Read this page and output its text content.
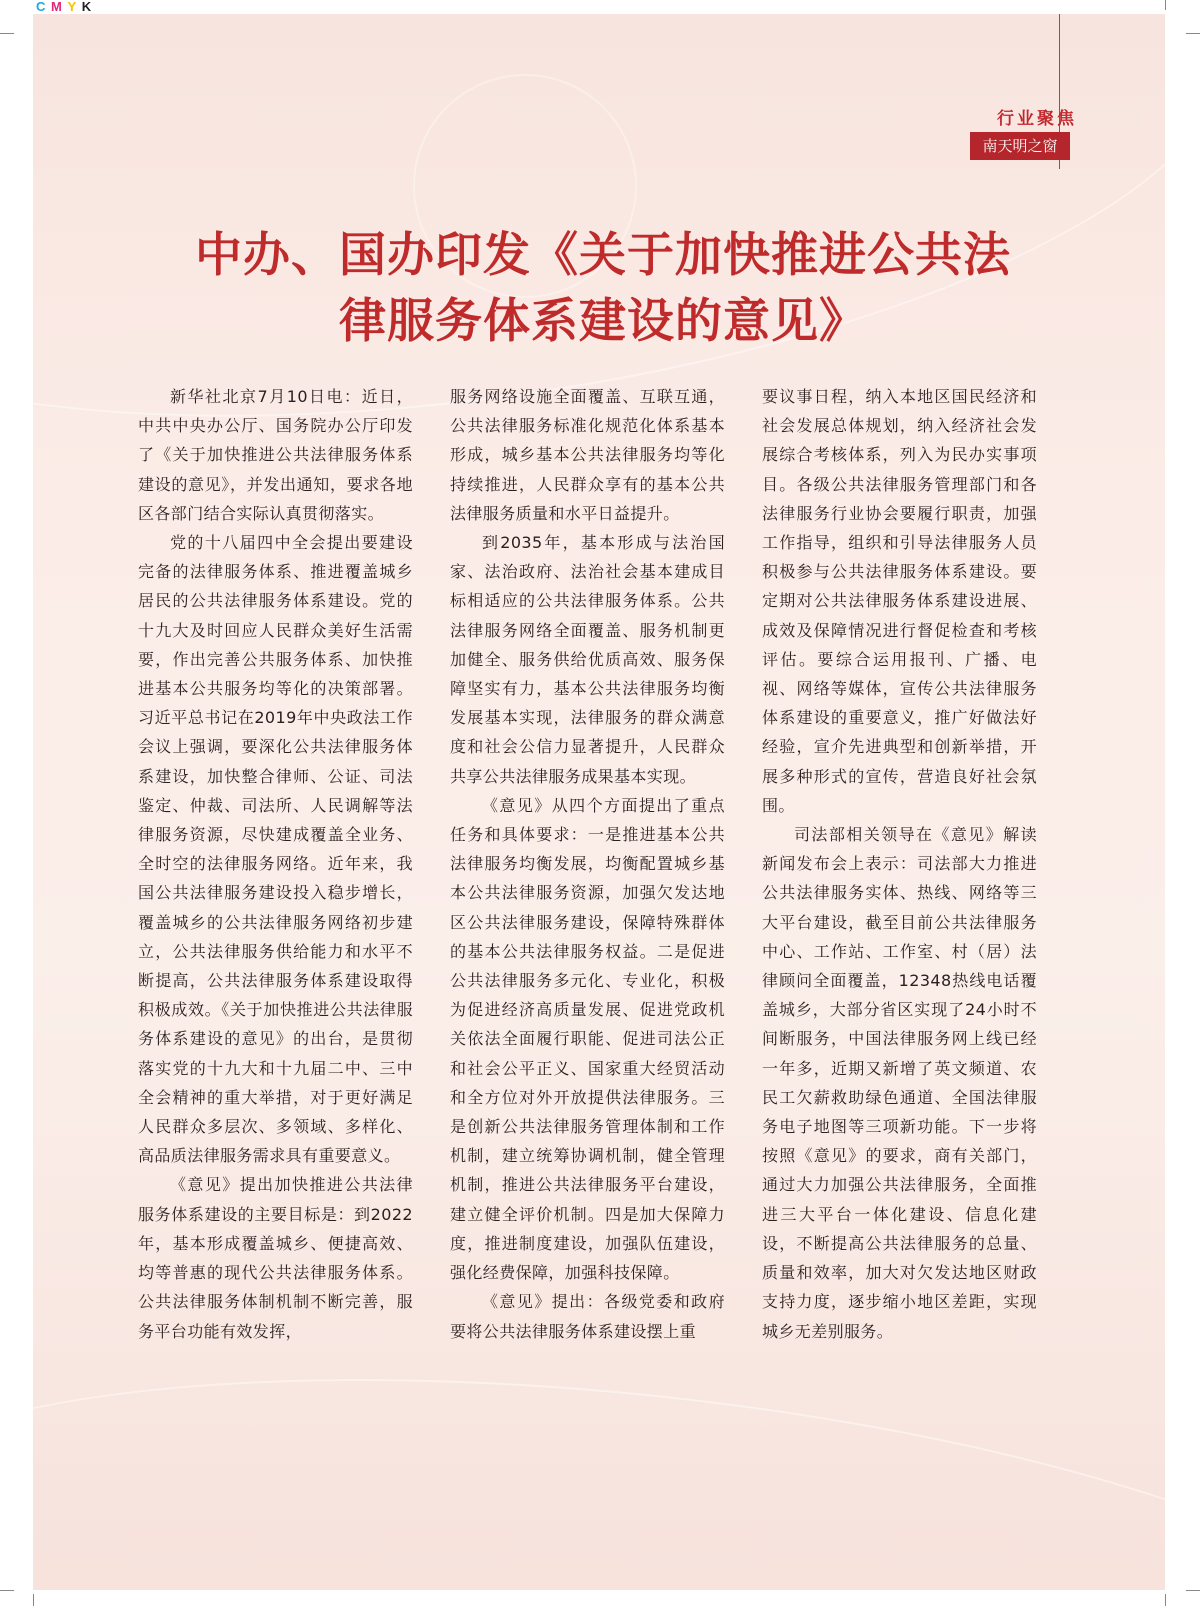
C M Y K
行业聚焦
南天明之窗
中办、国办印发《关于加快推进公共法
律服务体系建设的意见》

新华社北京7月10日电：近日，中共中央办公厅、国务院办公厅印发了《关于加快推进公共法律服务体系建设的意见》，并发出通知，要求各地区各部门结合实际认真贯彻落实。

党的十八届四中全会提出要建设完备的法律服务体系、推进覆盖城乡居民的公共法律服务体系建设。党的十九大及时回应人民群众美好生活需要，作出完善公共服务体系、加快推进基本公共服务均等化的决策部署。习近平总书记在2019年中央政法工作会议上强调，要深化公共法律服务体系建设，加快整合律师、公证、司法鉴定、仲裁、司法所、人民调解等法律服务资源，尽快建成覆盖全业务、全时空的法律服务网络。近年来，我国公共法律服务建设投入稳步增长，覆盖城乡的公共法律服务网络初步建立，公共法律服务供给能力和水平不断提高，公共法律服务体系建设取得积极成效。《关于加快推进公共法律服务体系建设的意见》的出台，是贯彻落实党的十九大和十九届二中、三中全会精神的重大举措，对于更好满足人民群众多层次、多领域、多样化、高品质法律服务需求具有重要意义。

《意见》提出加快推进公共法律服务体系建设的主要目标是：到2022年，基本形成覆盖城乡、便捷高效、均等普惠的现代公共法律服务体系。公共法律服务体制机制不断完善，服务平台功能有效发挥，

服务网络设施全面覆盖、互联互通，公共法律服务标准化规范化体系基本形成，城乡基本公共法律服务均等化持续推进，人民群众享有的基本公共法律服务质量和水平日益提升。

到2035年，基本形成与法治国家、法治政府、法治社会基本建成目标相适应的公共法律服务体系。公共法律服务网络全面覆盖、服务机制更加健全、服务供给优质高效、服务保障坚实有力，基本公共法律服务均衡发展基本实现，法律服务的群众满意度和社会公信力显著提升，人民群众共享公共法律服务成果基本实现。

《意见》从四个方面提出了重点任务和具体要求：一是推进基本公共法律服务均衡发展，均衡配置城乡基本公共法律服务资源，加强欠发达地区公共法律服务建设，保障特殊群体的基本公共法律服务权益。二是促进公共法律服务多元化、专业化，积极为促进经济高质量发展、促进党政机关依法全面履行职能、促进司法公正和社会公平正义、国家重大经贸活动和全方位对外开放提供法律服务。三是创新公共法律服务管理体制和工作机制，建立统筹协调机制，健全管理机制，推进公共法律服务平台建设，建立健全评价机制。四是加大保障力度，推进制度建设，加强队伍建设，强化经费保障，加强科技保障。

《意见》提出：各级党委和政府要将公共法律服务体系建设摆上重

要议事日程，纳入本地区国民经济和社会发展总体规划，纳入经济社会发展综合考核体系，列入为民办实事项目。各级公共法律服务管理部门和各法律服务行业协会要履行职责，加强工作指导，组织和引导法律服务人员积极参与公共法律服务体系建设。要定期对公共法律服务体系建设进展、成效及保障情况进行督促检查和考核评估。要综合运用报刊、广播、电视、网络等媒体，宣传公共法律服务体系建设的重要意义，推广好做法好经验，宣介先进典型和创新举措，开展多种形式的宣传，营造良好社会氛围。

司法部相关领导在《意见》解读新闻发布会上表示：司法部大力推进公共法律服务实体、热线、网络等三大平台建设，截至目前公共法律服务中心、工作站、工作室、村（居）法律顾问全面覆盖，12348热线电话覆盖城乡，大部分省区实现了24小时不间断服务，中国法律服务网上线已经一年多，近期又新增了英文频道、农民工欠薪救助绿色通道、全国法律服务电子地图等三项新功能。下一步将按照《意见》的要求，商有关部门，通过大力加强公共法律服务，全面推进三大平台一体化建设、信息化建设，不断提高公共法律服务的总量、质量和效率，加大对欠发达地区财政支持力度，逐步缩小地区差距，实现城乡无差别服务。
